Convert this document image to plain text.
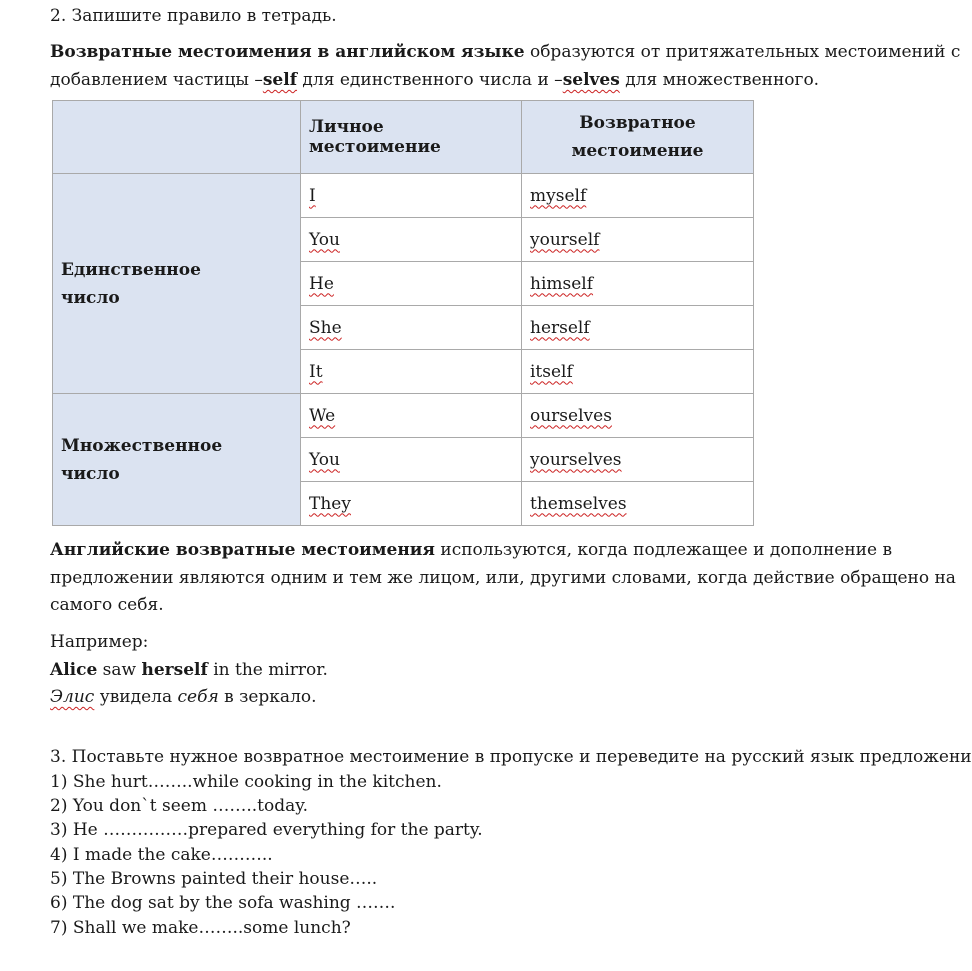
2. Запишите правило в тетрадь.
Возвратные местоимения в английском языке образуются от притяжательных местоимений с
добавлением частицы –self для единственного числа и –selves для множественного.
	Личное местоимение	Возвратное
местоимение
Единственное
число	I	myself
	You	yourself
	He	himself
	She	herself
	It	itself
Множественное
число	We	ourselves
	You	yourselves
	They	themselves
Английские возвратные местоимения используются, когда подлежащее и дополнение в
предложении являются одним и тем же лицом, или, другими словами, когда действие обращено на
самого себя.
Например:
Alice saw herself in the mirror.
Элис увидела себя в зеркало.
3. Поставьте нужное возвратное местоимение в пропуске и переведите на русский язык предложени
1) She hurt……..while cooking in the kitchen.
2) You don`t seem ……..today.
3) He ……………prepared everything for the party.
4) I made the cake………..
5) The Browns painted their house…..
6) The dog sat by the sofa washing …….
7) Shall we make……..some lunch?
